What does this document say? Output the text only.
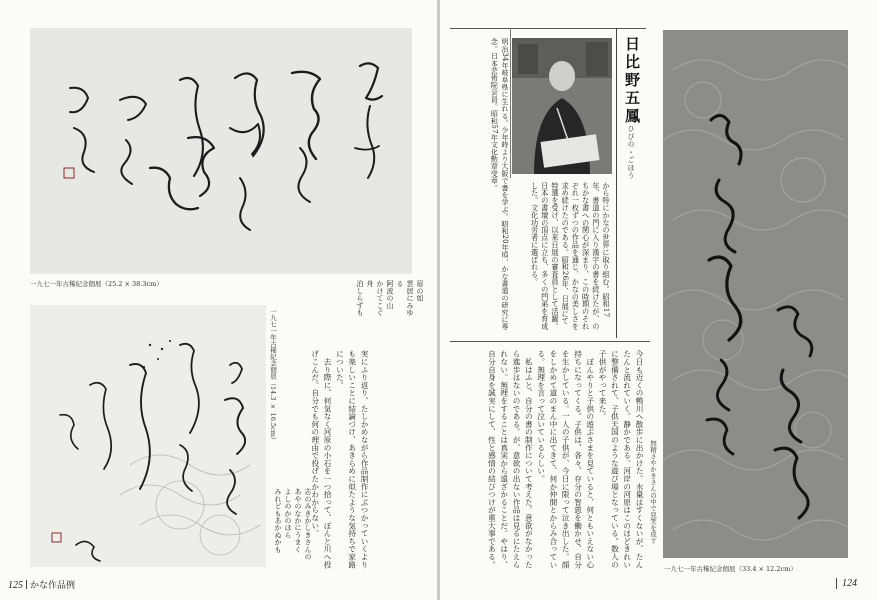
一九七一年古稀紀念個展（25.2 × 38.3cm）	眉の如
雲居にみゆる
阿波の山
かけてこぐ舟
泊しらずも
一九七一年古稀紀念個展（14.3 × 16.5cm）
志のみきかしきさんの
あやのなかにうまく
よしのかのほら
みれどもあかぬかも	実にふり返り、たしかめながら作品制作にぶつかっていくよりも楽しいことに結論づけ、あきらめに似たような気持ちで家路についた。
　去り際に、何気なく河原の小石を一つ拾って、ぽんと川へ投げこんだ。自分でも何の理由で投げたかわからない。
125 かな作品例
明治34年岐阜県に生れる。少年時より大阪で書を学ぶ。昭和20年頃、かな書道の研究に専念。日本芸術院会員。昭和57年文化勲章受章。
から特にかなの世界に取り組む。昭和17年、書道の門に入り漢字の書を続けたが、のちかな書への関心が深まり、この時期のそれぞれ一枚ずつの作品を通じ、かなの美しさを求め続けたのである。昭和26年、日展にて特選を受け、以来日展の審査員として活躍。日本の書壇の頂点に立ち、多くの門弟を育成した。文化功労者に選ばれる。
日比野五鳳
ひびの・ごほう
今日も近くの鴨川へ散歩に出かけた。水量はすくないが、たんたんと流れていく。静かである。河岸の河原はこのほどきれいに整備されて、子供天国のような遊び場となっている。数人の子供がやって来た。
　ぽんやりと子供の遊ぶさまを見ていると、何ともいえない心持ちになってくる。子供は、各々、存分の智恵を働かせ、自分を生かしている。一人の子供が、今日に限って泣き出した。顔をしかめて道のまん中に出てきて、何か仲間とからみ合っている。無理を言って泣いているらしい。
　私はふと、自分の書の制作について考えた。意欲がなかったら進歩はないのである。が、意欲の出ない作品は見るにたえられない。無理をすることは真実から遠ざかることだ。やはり、自分自身を誠実にして、性と感情の結びつけが重大事である。	無精さやかきさんの中で見笑を成す
一九七一年古稀紀念個展（33.4 × 12.2cm）
124
